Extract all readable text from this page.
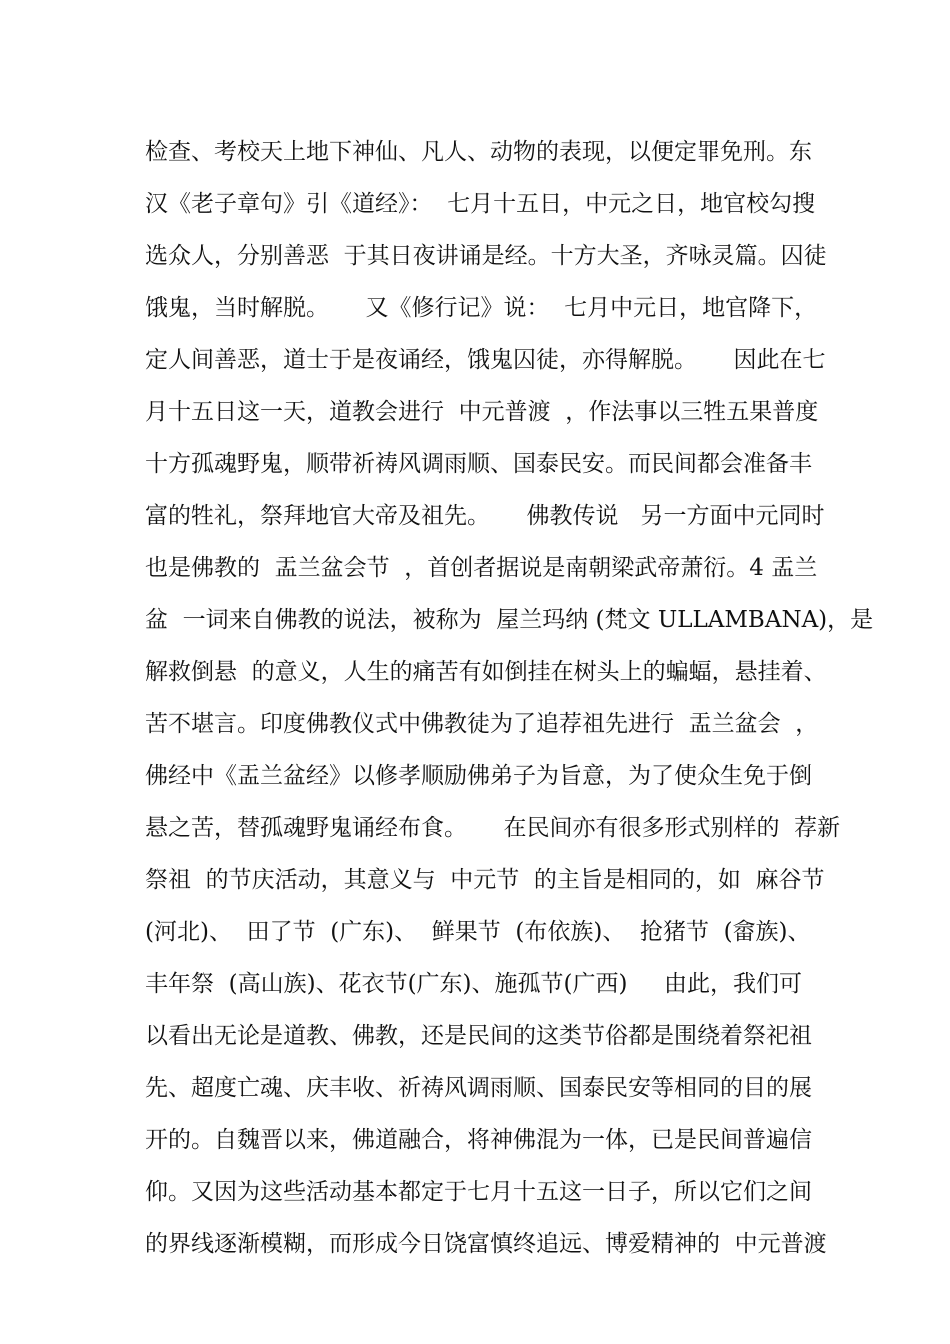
检查、考校天上地下神仙、凡人、动物的表现，以便定罪免刑。东
汉《老子章句》引《道经》：  七月十五日，中元之日，地官校勾搜
选众人，分别善恶  于其日夜讲诵是经。十方大圣，齐咏灵篇。囚徒
饿鬼，当时解脱。     又《修行记》说：  七月中元日，地官降下，
定人间善恶，道士于是夜诵经，饿鬼囚徒，亦得解脱。     因此在七
月十五日这一天，道教会进行  中元普渡  ，作法事以三牲五果普度
十方孤魂野鬼，顺带祈祷风调雨顺、国泰民安。而民间都会准备丰
富的牲礼，祭拜地官大帝及祖先。     佛教传说   另一方面中元同时
也是佛教的  盂兰盆会节  ，首创者据说是南朝梁武帝萧衍。4 盂兰
盆  一词来自佛教的说法，被称为  屋兰玛纳 (梵文 ULLAMBANA)，是
解救倒悬  的意义，人生的痛苦有如倒挂在树头上的蝙蝠，悬挂着、
苦不堪言。印度佛教仪式中佛教徒为了追荐祖先进行  盂兰盆会  ，
佛经中《盂兰盆经》以修孝顺励佛弟子为旨意，为了使众生免于倒
悬之苦，替孤魂野鬼诵经布食。     在民间亦有很多形式别样的  荐新
祭祖  的节庆活动，其意义与  中元节  的主旨是相同的，如  麻谷节
(河北)、  田了节  (广东)、  鲜果节  (布依族)、  抢猪节  (畲族)、
丰年祭  (高山族)、花衣节(广东)、施孤节(广西)     由此，我们可
以看出无论是道教、佛教，还是民间的这类节俗都是围绕着祭祀祖
先、超度亡魂、庆丰收、祈祷风调雨顺、国泰民安等相同的目的展
开的。自魏晋以来，佛道融合，将神佛混为一体，已是民间普遍信
仰。又因为这些活动基本都定于七月十五这一日子，所以它们之间
的界线逐渐模糊，而形成今日饶富慎终追远、博爱精神的  中元普渡
